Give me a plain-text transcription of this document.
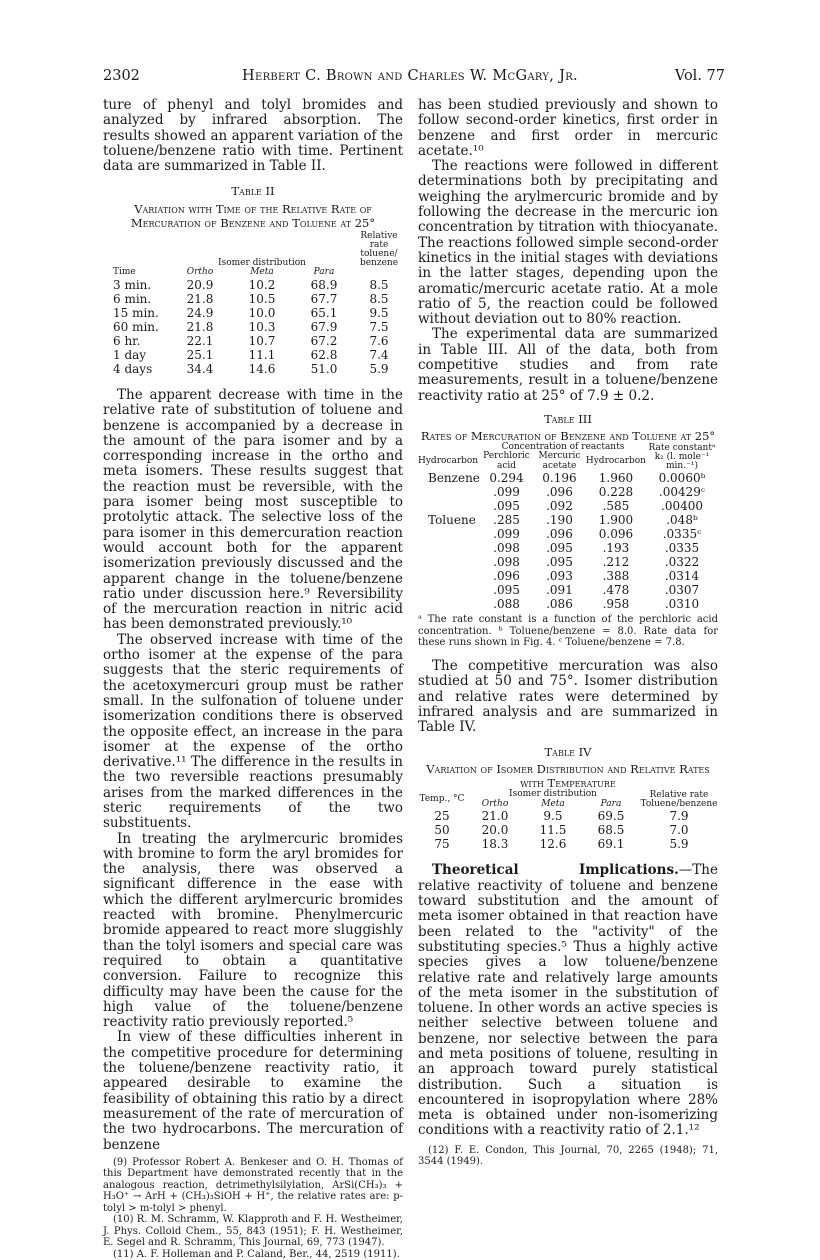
2302	Herbert C. Brown and Charles W. McGary, Jr.	Vol. 77

ture of phenyl and tolyl bromides and analyzed by infrared absorption. The results showed an apparent variation of the toluene/benzene ratio with time. Pertinent data are summarized in Table II.

Table II
Variation with Time of the Relative Rate of Mercuration of Benzene and Toluene at 25°
	Isomer distribution			Relative rate toluene/ benzene
Time	Ortho	Meta	Para	
3 min.	20.9	10.2	68.9	8.5
6 min.	21.8	10.5	67.7	8.5
15 min.	24.9	10.0	65.1	9.5
60 min.	21.8	10.3	67.9	7.5
6 hr.	22.1	10.7	67.2	7.6
1 day	25.1	11.1	62.8	7.4
4 days	34.4	14.6	51.0	5.9

The apparent decrease with time in the relative rate of substitution of toluene and benzene is accompanied by a decrease in the amount of the para isomer and by a corresponding increase in the ortho and meta isomers. These results suggest that the reaction must be reversible, with the para isomer being most susceptible to protolytic attack. The selective loss of the para isomer in this demercuration reaction would account both for the apparent isomerization previously discussed and the apparent change in the toluene/benzene ratio under discussion here.⁹ Reversibility of the mercuration reaction in nitric acid has been demonstrated previously.¹⁰

The observed increase with time of the ortho isomer at the expense of the para suggests that the steric requirements of the acetoxymercuri group must be rather small. In the sulfonation of toluene under isomerization conditions there is observed the opposite effect, an increase in the para isomer at the expense of the ortho derivative.¹¹ The difference in the results in the two reversible reactions presumably arises from the marked differences in the steric requirements of the two substituents.

In treating the arylmercuric bromides with bromine to form the aryl bromides for the analysis, there was observed a significant difference in the ease with which the different arylmercuric bromides reacted with bromine. Phenylmercuric bromide appeared to react more sluggishly than the tolyl isomers and special care was required to obtain a quantitative conversion. Failure to recognize this difficulty may have been the cause for the high value of the toluene/benzene reactivity ratio previously reported.⁵

In view of these difficulties inherent in the competitive procedure for determining the toluene/benzene reactivity ratio, it appeared desirable to examine the feasibility of obtaining this ratio by a direct measurement of the rate of mercuration of the two hydrocarbons. The mercuration of benzene

(9) Professor Robert A. Benkeser and O. H. Thomas of this Department have demonstrated recently that in the analogous reaction, detrimethylsilylation, ArSi(CH₃)₃ + H₃O⁺ → ArH + (CH₃)₃SiOH + H⁺, the relative rates are: p-tolyl > m-tolyl > phenyl.

(10) R. M. Schramm, W. Klapproth and F. H. Westheimer, J. Phys. Colloid Chem., 55, 843 (1951); F. H. Westheimer, E. Segel and R. Schramm, This Journal, 69, 773 (1947).

(11) A. F. Holleman and P. Caland, Ber., 44, 2519 (1911).

has been studied previously and shown to follow second-order kinetics, first order in benzene and first order in mercuric acetate.¹⁰

The reactions were followed in different determinations both by precipitating and weighing the arylmercuric bromide and by following the decrease in the mercuric ion concentration by titration with thiocyanate. The reactions followed simple second-order kinetics in the initial stages with deviations in the latter stages, depending upon the aromatic/mercuric acetate ratio. At a mole ratio of 5, the reaction could be followed without deviation out to 80% reaction.

The experimental data are summarized in Table III. All of the data, both from competitive studies and from rate measurements, result in a toluene/benzene reactivity ratio at 25° of 7.9 ± 0.2.

Table III
Rates of Mercuration of Benzene and Toluene at 25°
	Concentration of reactants			Rate constantᵃ k₂ (l. mole⁻¹ min.⁻¹)
Hydrocarbon	Perchloric acid	Mercuric acetate	Hydrocarbon	
Benzene	0.294	0.196	1.960	0.0060ᵇ
	.099	.096	0.228	.00429ᶜ
	.095	.092	.585	.00400
Toluene	.285	.190	1.900	.048ᵇ
	.099	.096	0.096	.0335ᶜ
	.098	.095	.193	.0335
	.098	.095	.212	.0322
	.096	.093	.388	.0314
	.095	.091	.478	.0307
	.088	.086	.958	.0310
ᵃ The rate constant is a function of the perchloric acid concentration. ᵇ Toluene/benzene = 8.0. Rate data for these runs shown in Fig. 4. ᶜ Toluene/benzene = 7.8.

The competitive mercuration was also studied at 50 and 75°. Isomer distribution and relative rates were determined by infrared analysis and are summarized in Table IV.

Table IV
Variation of Isomer Distribution and Relative Rates with Temperature
Temp., °C	Isomer distribution			Relative rate Toluene/benzene
	Ortho	Meta	Para	
25	21.0	9.5	69.5	7.9
50	20.0	11.5	68.5	7.0
75	18.3	12.6	69.1	5.9

Theoretical Implications.—The relative reactivity of toluene and benzene toward substitution and the amount of meta isomer obtained in that reaction have been related to the "activity" of the substituting species.⁵ Thus a highly active species gives a low toluene/benzene relative rate and relatively large amounts of the meta isomer in the substitution of toluene. In other words an active species is neither selective between toluene and benzene, nor selective between the para and meta positions of toluene, resulting in an approach toward purely statistical distribution. Such a situation is encountered in isopropylation where 28% meta is obtained under non-isomerizing conditions with a reactivity ratio of 2.1.¹²

(12) F. E. Condon, This Journal, 70, 2265 (1948); 71, 3544 (1949).
